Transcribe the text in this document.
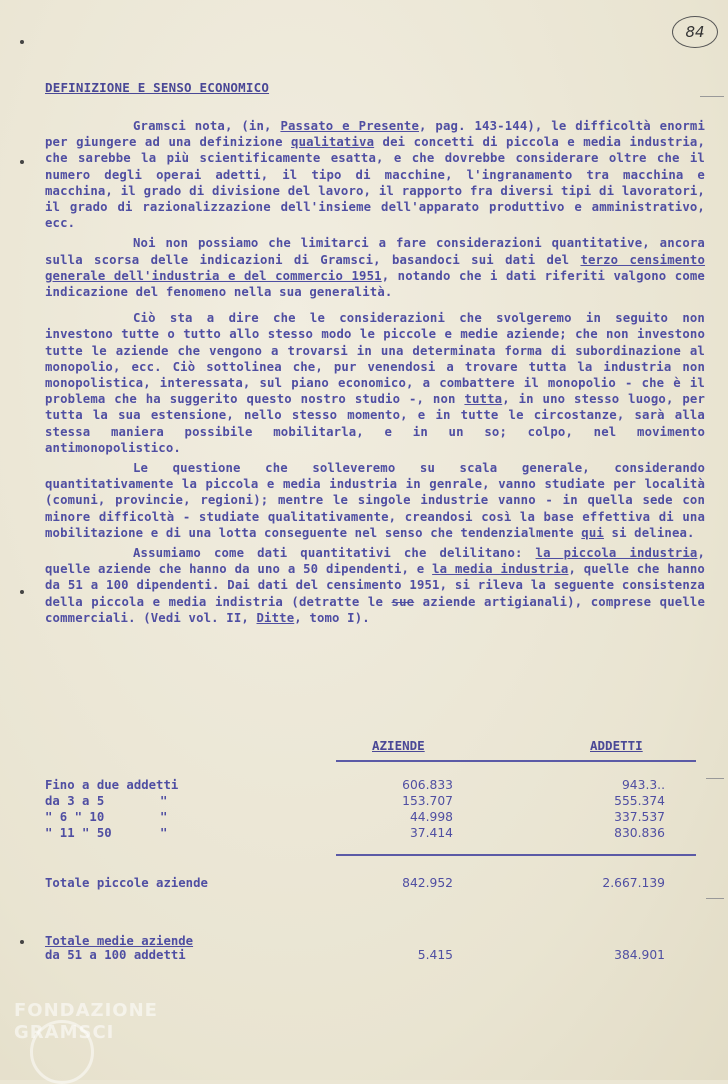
84
DEFINIZIONE E SENSO ECONOMICO

Gramsci nota, (in, Passato e Presente, pag. 143-144), le difficoltà enormi per giungere ad una definizione qualitativa dei concetti di piccola e media industria, che sarebbe la più scientificamente esatta, e che dovrebbe considerare oltre che il numero degli operai adetti, il tipo di macchine, l'ingranamento tra macchina e macchina, il grado di divisione del lavoro, il rapporto fra diversi tipi di lavoratori, il grado di razionalizzazione dell'insieme dell'apparato produttivo e amministrativo, ecc.

Noi non possiamo che limitarci a fare considerazioni quantitative, ancora sulla scorsa delle indicazioni di Gramsci, basandoci sui dati del terzo censimento generale dell'industria e del commercio 1951, notando che i dati riferiti valgono come indicazione del fenomeno nella sua generalità.

Ciò sta a dire che le considerazioni che svolgeremo in seguito non investono tutte o tutto allo stesso modo le piccole e medie aziende; che non investono tutte le aziende che vengono a trovarsi in una determinata forma di subordinazione al monopolio, ecc. Ciò sottolinea che, pur venendosi a trovare tutta la industria non monopolistica, interessata, sul piano economico, a combattere il monopolio - che è il problema che ha suggerito questo nostro studio -, non tutta, in uno stesso luogo, per tutta la sua estensione, nello stesso momento, e in tutte le circostanze, sarà alla stessa maniera possibile mobilitarla, e in un so; colpo, nel movimento antimonopolistico.

Le questione che solleveremo su scala generale, considerando quantitativamente la piccola e media industria in genrale, vanno studiate per località (comuni, provincie, regioni); mentre le singole industrie vanno - in quella sede con minore difficoltà - studiate qualitativamente, creandosi così la base effettiva di una mobilitazione e di una lotta conseguente nel senso che tendenzialmente qui si delinea.

Assumiamo come dati quantitativi che delilitano: la piccola industria, quelle aziende che hanno da uno a 50 dipendenti, e la media industria, quelle che hanno da 51 a 100 dipendenti. Dai dati del censimento 1951, si rileva la seguente consistenza della piccola e media indistria (detratte le sue aziende artigianali), comprese quelle commerciali. (Vedi vol. II, Ditte, tomo I).

AZIENDE	ADDETTI
Fino a due addetti	606.833	943.3..
da 3 a 5	"	153.707	555.374
" 6 " 10	"	44.998	337.537
" 11 " 50	"	37.414	830.836
Totale piccole aziende	842.952	2.667.139
Totale medie aziende
da 51 a 100 addetti	5.415	384.901
FONDAZIONE GRAMSCI
